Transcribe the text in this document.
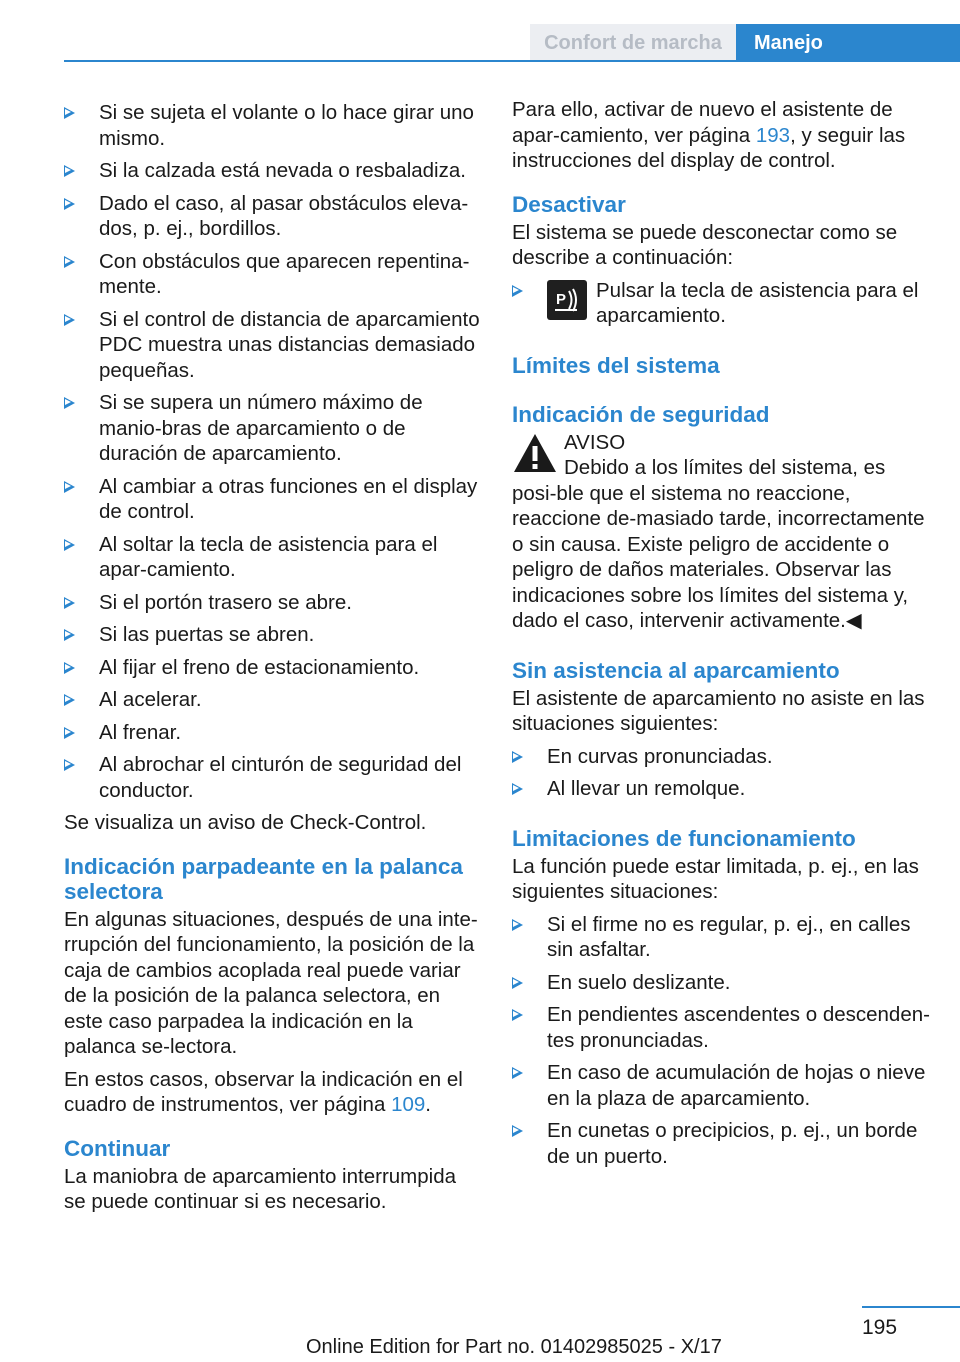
Confort de marcha	Manejo
Si se sujeta el volante o lo hace girar uno mismo.
Si la calzada está nevada o resbaladiza.
Dado el caso, al pasar obstáculos eleva‐dos, p. ej., bordillos.
Con obstáculos que aparecen repentina‐mente.
Si el control de distancia de aparcamiento PDC muestra unas distancias demasiado pequeñas.
Si se supera un número máximo de manio‐bras de aparcamiento o de duración de aparcamiento.
Al cambiar a otras funciones en el display de control.
Al soltar la tecla de asistencia para el apar‐camiento.
Si el portón trasero se abre.
Si las puertas se abren.
Al fijar el freno de estacionamiento.
Al acelerar.
Al frenar.
Al abrochar el cinturón de seguridad del conductor.

Se visualiza un aviso de Check-Control.

Indicación parpadeante en la palanca selectora

En algunas situaciones, después de una inte‐rrupción del funcionamiento, la posición de la caja de cambios acoplada real puede variar de la posición de la palanca selectora, en este caso parpadea la indicación en la palanca se‐lectora.

En estos casos, observar la indicación en el cuadro de instrumentos, ver página 109.

Continuar

La maniobra de aparcamiento interrumpida se puede continuar si es necesario.

Para ello, activar de nuevo el asistente de apar‐camiento, ver página 193, y seguir las instrucciones del display de control.

Desactivar

El sistema se puede desconectar como se describe a continuación:

P Pulsar la tecla de asistencia para el aparcamiento.
Límites del sistema
Indicación de seguridad
AVISO

Debido a los límites del sistema, es posi‐ble que el sistema no reaccione, reaccione de‐masiado tarde, incorrectamente o sin causa. Existe peligro de accidente o peligro de daños materiales. Observar las indicaciones sobre los límites del sistema y, dado el caso, intervenir activamente.◀

Sin asistencia al aparcamiento

El asistente de aparcamiento no asiste en las situaciones siguientes:

En curvas pronunciadas.
Al llevar un remolque.
Limitaciones de funcionamiento

La función puede estar limitada, p. ej., en las siguientes situaciones:

Si el firme no es regular, p. ej., en calles sin asfaltar.
En suelo deslizante.
En pendientes ascendentes o descenden‐tes pronunciadas.
En caso de acumulación de hojas o nieve en la plaza de aparcamiento.
En cunetas o precipicios, p. ej., un borde de un puerto.
195
Online Edition for Part no. 01402985025 - X/17
